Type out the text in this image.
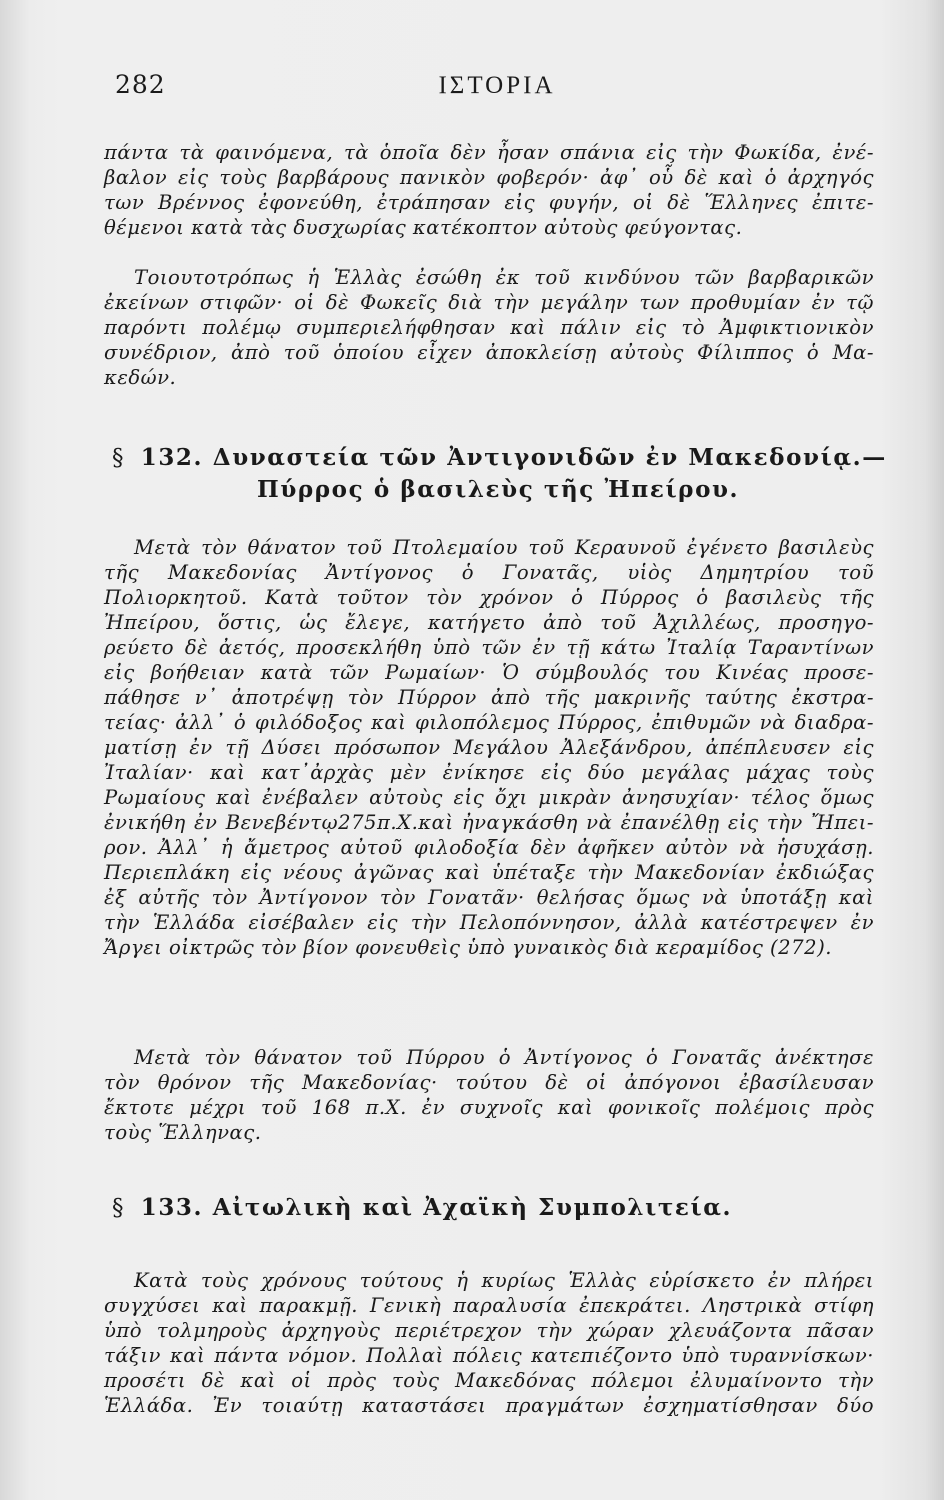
282	ΙΣΤΟΡΙΑ
πάντα τὰ φαινόμενα, τὰ ὁποῖα δὲν ἦσαν σπάνια εἰς τὴν Φωκίδα, ἐνέ-
βαλον εἰς τοὺς βαρβάρους πανικὸν φοβερόν· ἀφ᾿ οὗ δὲ καὶ ὁ ἀρχηγός
των Βρέννος ἐφονεύθη, ἐτράπησαν εἰς φυγήν, οἱ δὲ Ἕλληνες ἐπιτε-
θέμενοι κατὰ τὰς δυσχωρίας κατέκοπτον αὐτοὺς φεύγοντας.
Τοιουτοτρόπως ἡ Ἑλλὰς ἐσώθη ἐκ τοῦ κινδύνου τῶν βαρβαρικῶν
ἐκείνων στιφῶν· οἱ δὲ Φωκεῖς διὰ τὴν μεγάλην των προθυμίαν ἐν τῷ
παρόντι πολέμῳ συμπεριελήφθησαν καὶ πάλιν εἰς τὸ Ἀμφικτιονικὸν
συνέδριον, ἀπὸ τοῦ ὁποίου εἶχεν ἀποκλείσῃ αὐτοὺς Φίλιππος ὁ Μα-
κεδών.
§ 132. Δυναστεία τῶν Ἀντιγονιδῶν ἐν Μακεδονίᾳ.—
Πύρρος ὁ βασιλεὺς τῆς Ἠπείρου.
Μετὰ τὸν θάνατον τοῦ Πτολεμαίου τοῦ Κεραυνοῦ ἐγένετο βασιλεὺς
τῆς Μακεδονίας Ἀντίγονος ὁ Γονατᾶς, υἱὸς Δημητρίου τοῦ
Πολιορκητοῦ. Κατὰ τοῦτον τὸν χρόνον ὁ Πύρρος ὁ βασιλεὺς τῆς
Ἠπείρου, ὅστις, ὡς ἔλεγε, κατήγετο ἀπὸ τοῦ Ἀχιλλέως, προσηγο-
ρεύετο δὲ ἀετός, προσεκλήθη ὑπὸ τῶν ἐν τῇ κάτω Ἰταλίᾳ Ταραντίνων
εἰς βοήθειαν κατὰ τῶν Ρωμαίων· Ὁ σύμβουλός του Κινέας προσε-
πάθησε ν᾿ ἀποτρέψῃ τὸν Πύρρον ἀπὸ τῆς μακρινῆς ταύτης ἐκστρα-
τείας· ἀλλ᾿ ὁ φιλόδοξος καὶ φιλοπόλεμος Πύρρος, ἐπιθυμῶν νὰ διαδρα-
ματίσῃ ἐν τῇ Δύσει πρόσωπον Μεγάλου Ἀλεξάνδρου, ἀπέπλευσεν εἰς
Ἰταλίαν· καὶ κατ᾿ἀρχὰς μὲν ἐνίκησε εἰς δύο μεγάλας μάχας τοὺς
Ρωμαίους καὶ ἐνέβαλεν αὐτοὺς εἰς ὄχι μικρὰν ἀνησυχίαν· τέλος ὅμως
ἐνικήθη ἐν Βενεβέντῳ275π.Χ.καὶ ἠναγκάσθη νὰ ἐπανέλθῃ εἰς τὴν Ἤπει-
ρον. Ἀλλ᾿ ἡ ἄμετρος αὐτοῦ φιλοδοξία δὲν ἀφῆκεν αὐτὸν νὰ ἡσυχάσῃ.
Περιεπλάκη εἰς νέους ἀγῶνας καὶ ὑπέταξε τὴν Μακεδονίαν ἐκδιώξας
ἐξ αὐτῆς τὸν Ἀντίγονον τὸν Γονατᾶν· θελήσας ὅμως νὰ ὑποτάξῃ καὶ
τὴν Ἑλλάδα εἰσέβαλεν εἰς τὴν Πελοπόννησον, ἀλλὰ κατέστρεψεν ἐν
Ἄργει οἰκτρῶς τὸν βίον φονευθεὶς ὑπὸ γυναικὸς διὰ κεραμίδος (272).
Μετὰ τὸν θάνατον τοῦ Πύρρου ὁ Ἀντίγονος ὁ Γονατᾶς ἀνέκτησε
τὸν θρόνον τῆς Μακεδονίας· τούτου δὲ οἱ ἀπόγονοι ἐβασίλευσαν
ἔκτοτε μέχρι τοῦ 168 π.Χ. ἐν συχνοῖς καὶ φονικοῖς πολέμοις πρὸς
τοὺς Ἕλληνας.
§ 133. Αἰτωλικὴ καὶ Ἀχαϊκὴ Συμπολιτεία.
Κατὰ τοὺς χρόνους τούτους ἡ κυρίως Ἑλλὰς εὑρίσκετο ἐν πλήρει
συγχύσει καὶ παρακμῇ. Γενικὴ παραλυσία ἐπεκράτει. Ληστρικὰ στίφη
ὑπὸ τολμηροὺς ἀρχηγοὺς περιέτρεχον τὴν χώραν χλευάζοντα πᾶσαν
τάξιν καὶ πάντα νόμον. Πολλαὶ πόλεις κατεπιέζοντο ὑπὸ τυραννίσκων·
προσέτι δὲ καὶ οἱ πρὸς τοὺς Μακεδόνας πόλεμοι ἐλυμαίνοντο τὴν
Ἑλλάδα. Ἐν τοιαύτῃ καταστάσει πραγμάτων ἐσχηματίσθησαν δύο
